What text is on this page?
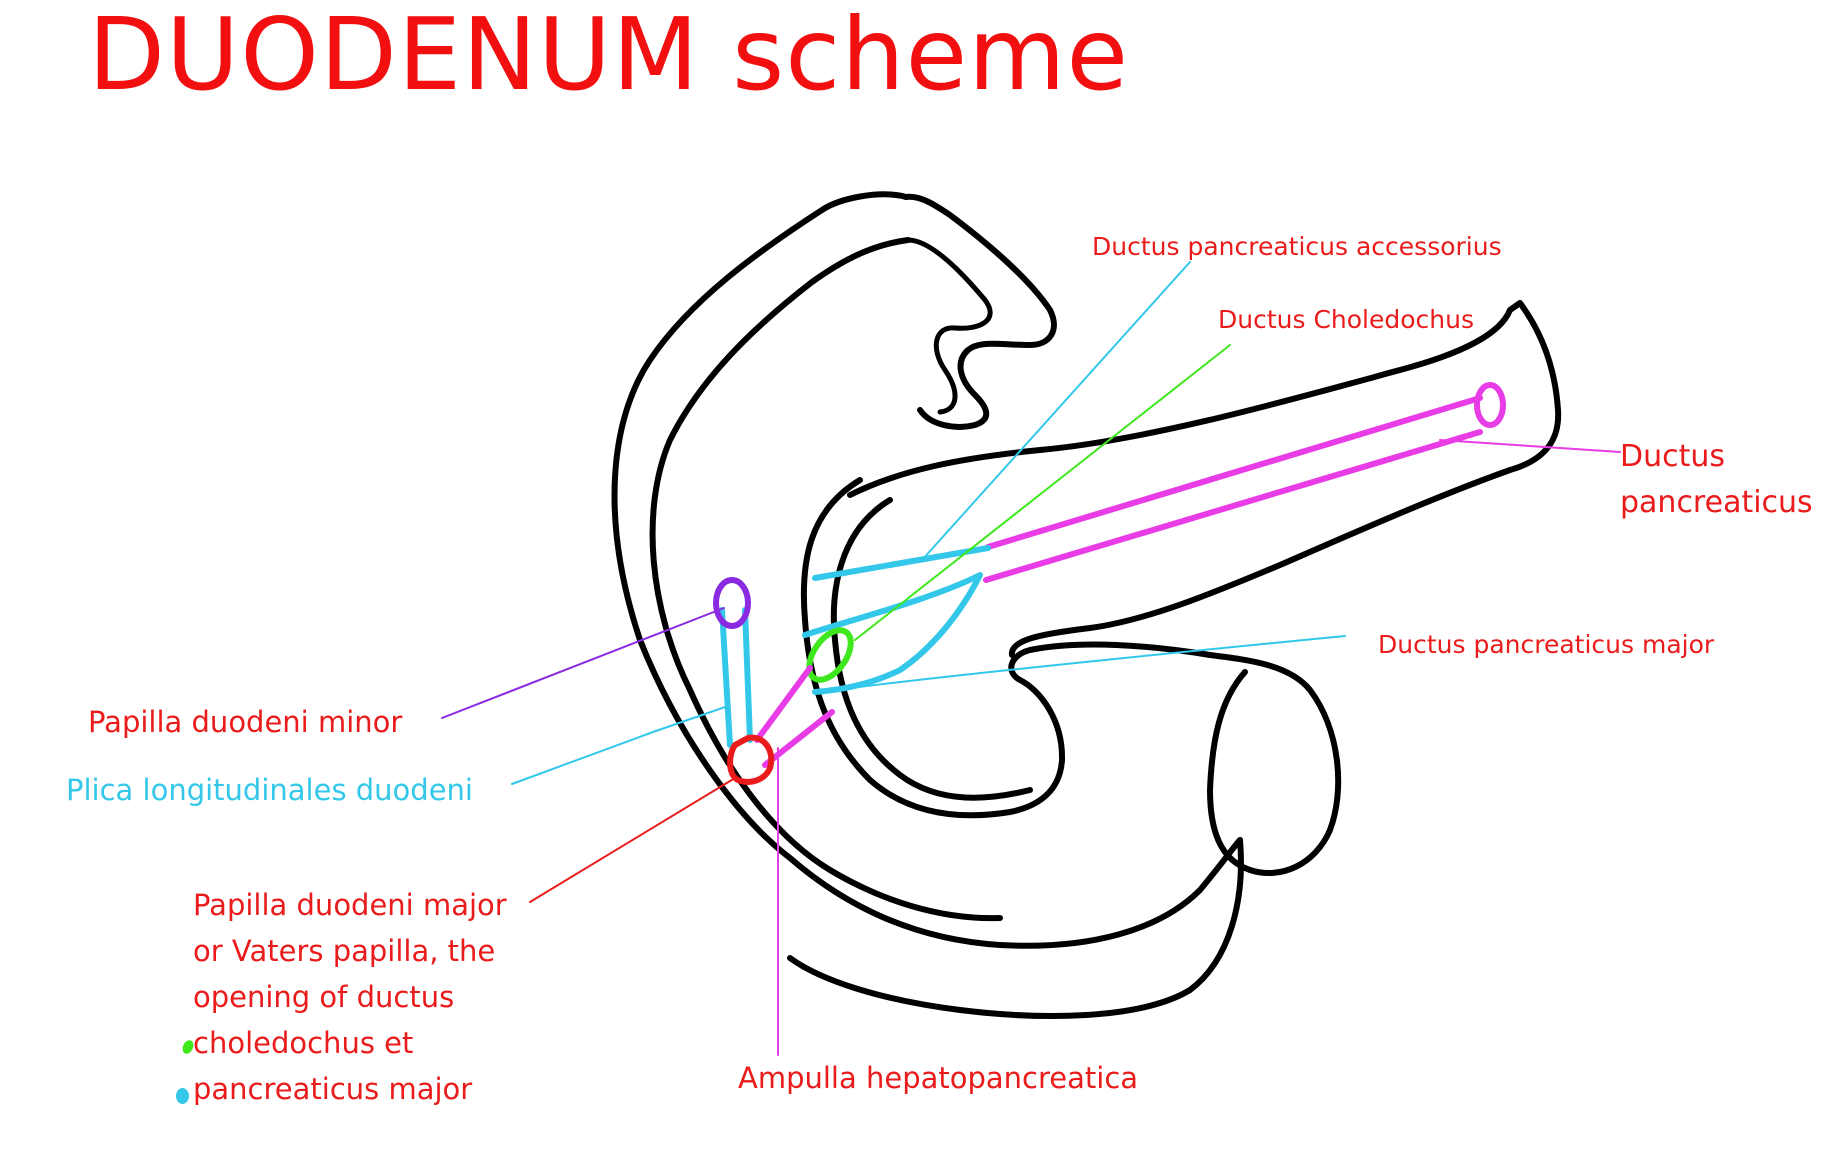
DUODENUM scheme
Ductus pancreaticus accessorius
Ductus Choledochus
Ductus
pancreaticus
Ductus pancreaticus major
Papilla duodeni minor
Plica longitudinales duodeni
Papilla duodeni major
or Vaters papilla, the
opening of ductus
choledochus et
pancreaticus major	Ampulla hepatopancreatica
